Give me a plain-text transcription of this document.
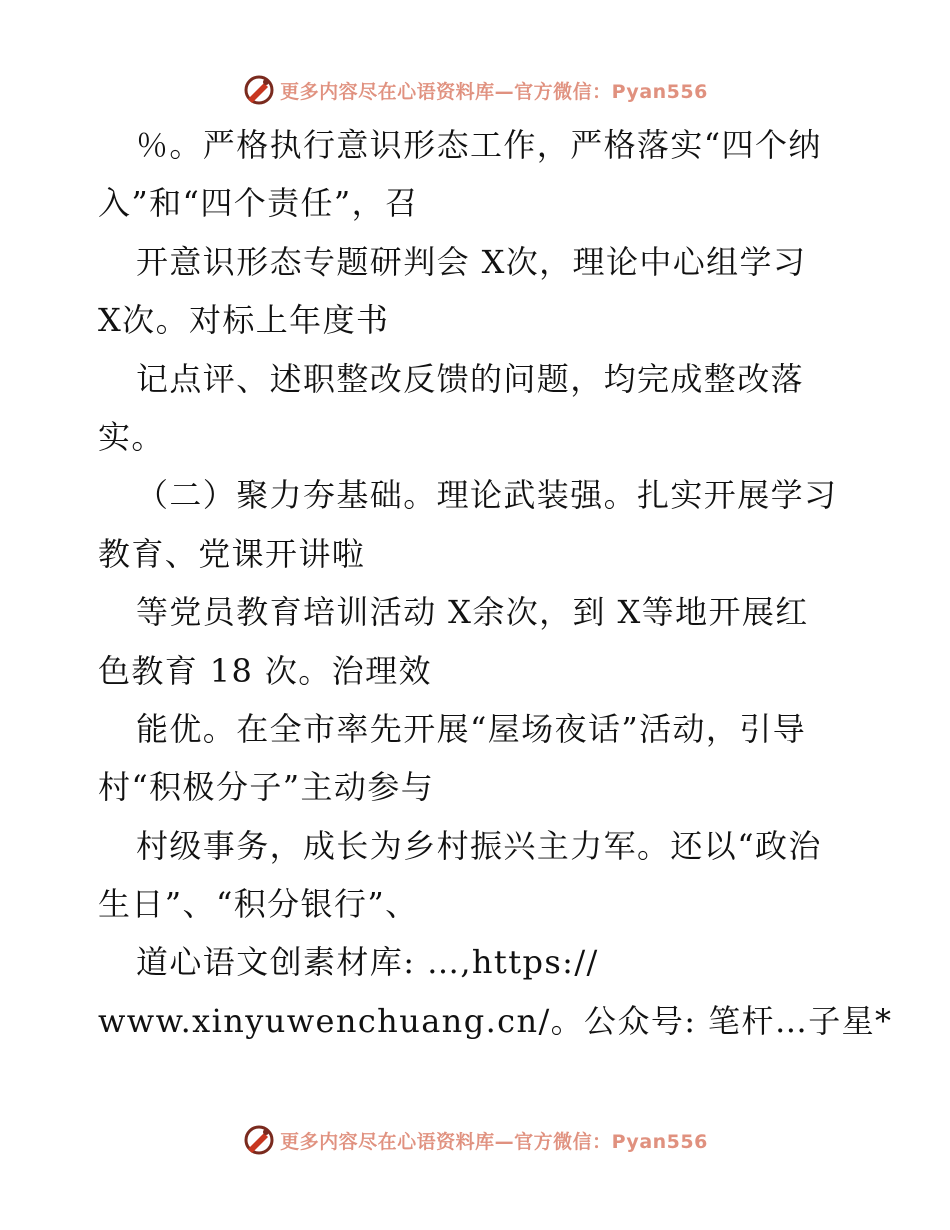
更多内容尽在心语资料库—官方微信：Pyan556
％。严格执行意识形态工作，严格落实“四个纳
入”和“四个责任”，召
开意识形态专题研判会 X次，理论中心组学习
X次。对标上年度书
记点评、述职整改反馈的问题，均完成整改落
实。
（二）聚力夯基础。理论武装强。扎实开展学习
教育、党课开讲啦
等党员教育培训活动 X余次，到 X等地开展红
色教育 18 次。治理效
能优。在全市率先开展“屋场夜话”活动，引导
村“积极分子”主动参与
村级事务，成长为乡村振兴主力军。还以“政治
生日”、“积分银行”、
道心语文创素材库: …,https://
www.xinyuwenchuang.cn/。公众号: 笔杆…子星*
更多内容尽在心语资料库—官方微信：Pyan556
